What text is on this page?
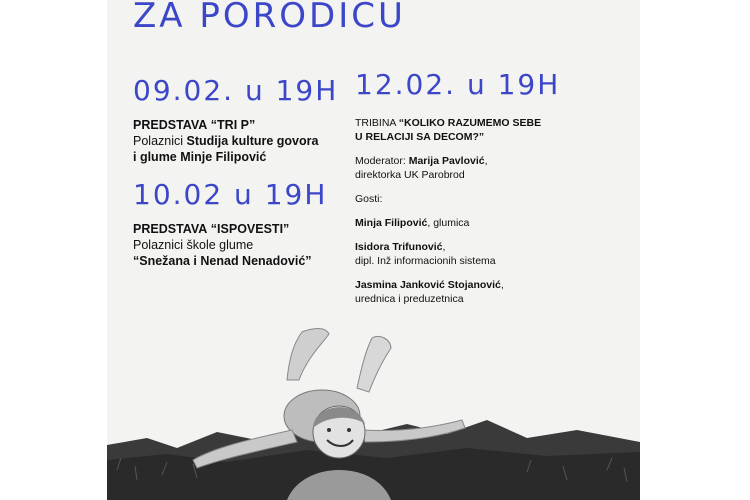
ZA PORODICU
09.02. u 19H
PREDSTAVA “TRI P”
Polaznici Studija kulture govora
i glume Minje Filipović
10.02 u 19H
PREDSTAVA “ISPOVESTI”
Polaznici škole glume
“Snežana i Nenad Nenadović”
12.02. u 19H
TRIBINA “KOLIKO RAZUMEMO SEBE
U RELACIJI SA DECOM?”
Moderator: Marija Pavlović,
direktorka UK Parobrod
Gosti:
Minja Filipović, glumica
Isidora Trifunović,
dipl. Inž informacionih sistema
Jasmina Janković Stojanović,
urednica i preduzetnica
